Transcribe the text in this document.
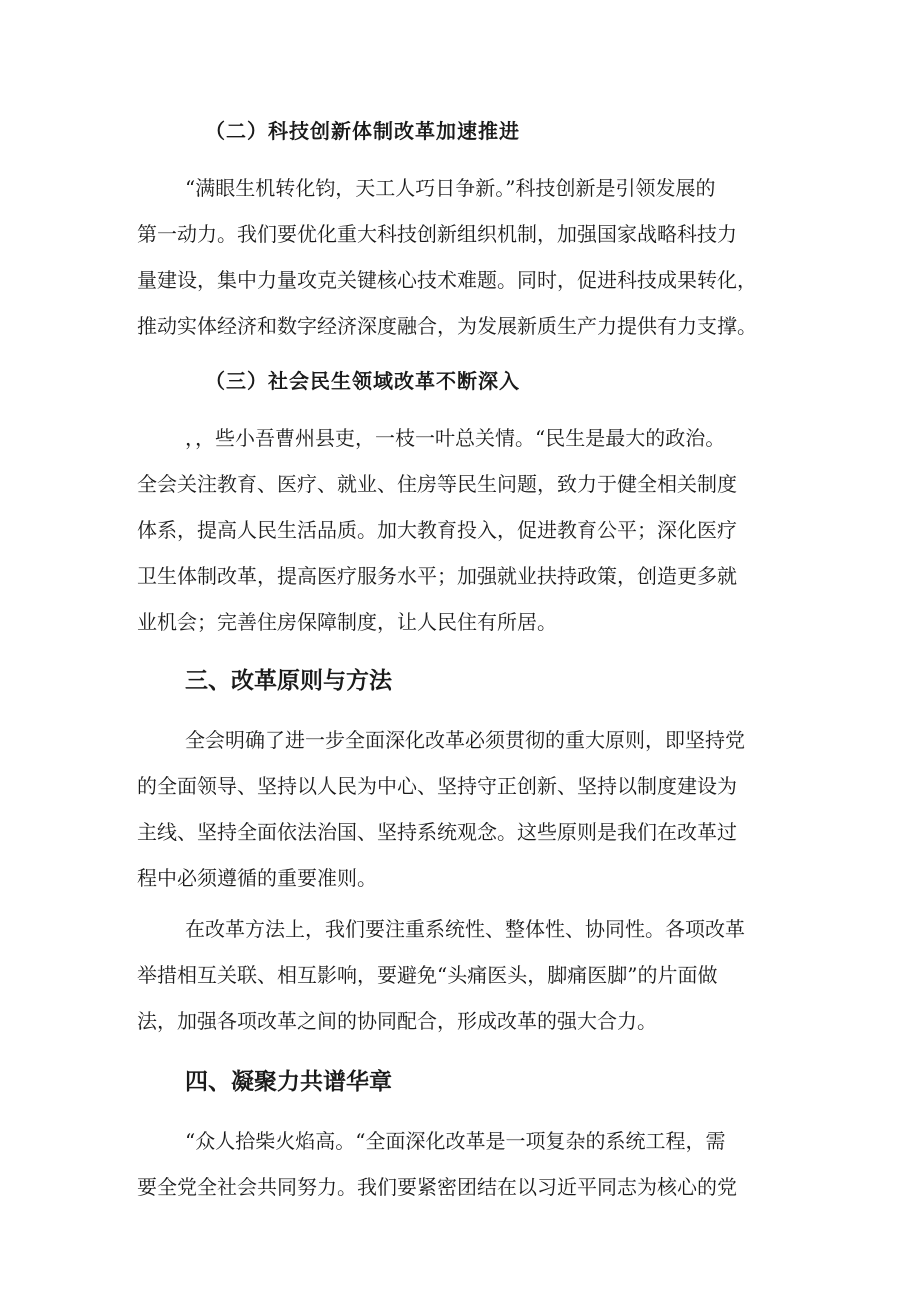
（二）科技创新体制改革加速推进
“满眼生机转化钧，天工人巧日争新。”科技创新是引领发展的
第一动力。我们要优化重大科技创新组织机制，加强国家战略科技力
量建设，集中力量攻克关键核心技术难题。同时，促进科技成果转化，
推动实体经济和数字经济深度融合，为发展新质生产力提供有力支撑。
（三）社会民生领域改革不断深入
，，些小吾曹州县吏，一枝一叶总关情。“民生是最大的政治。
全会关注教育、医疗、就业、住房等民生问题，致力于健全相关制度
体系，提高人民生活品质。加大教育投入，促进教育公平；深化医疗
卫生体制改革，提高医疗服务水平；加强就业扶持政策，创造更多就
业机会；完善住房保障制度，让人民住有所居。
三、改革原则与方法
全会明确了进一步全面深化改革必须贯彻的重大原则，即坚持党
的全面领导、坚持以人民为中心、坚持守正创新、坚持以制度建设为
主线、坚持全面依法治国、坚持系统观念。这些原则是我们在改革过
程中必须遵循的重要准则。
在改革方法上，我们要注重系统性、整体性、协同性。各项改革
举措相互关联、相互影响，要避免“头痛医头，脚痛医脚”的片面做
法，加强各项改革之间的协同配合，形成改革的强大合力。
四、凝聚力共谱华章
“众人拾柴火焰高。“全面深化改革是一项复杂的系统工程，需
要全党全社会共同努力。我们要紧密团结在以习近平同志为核心的党
